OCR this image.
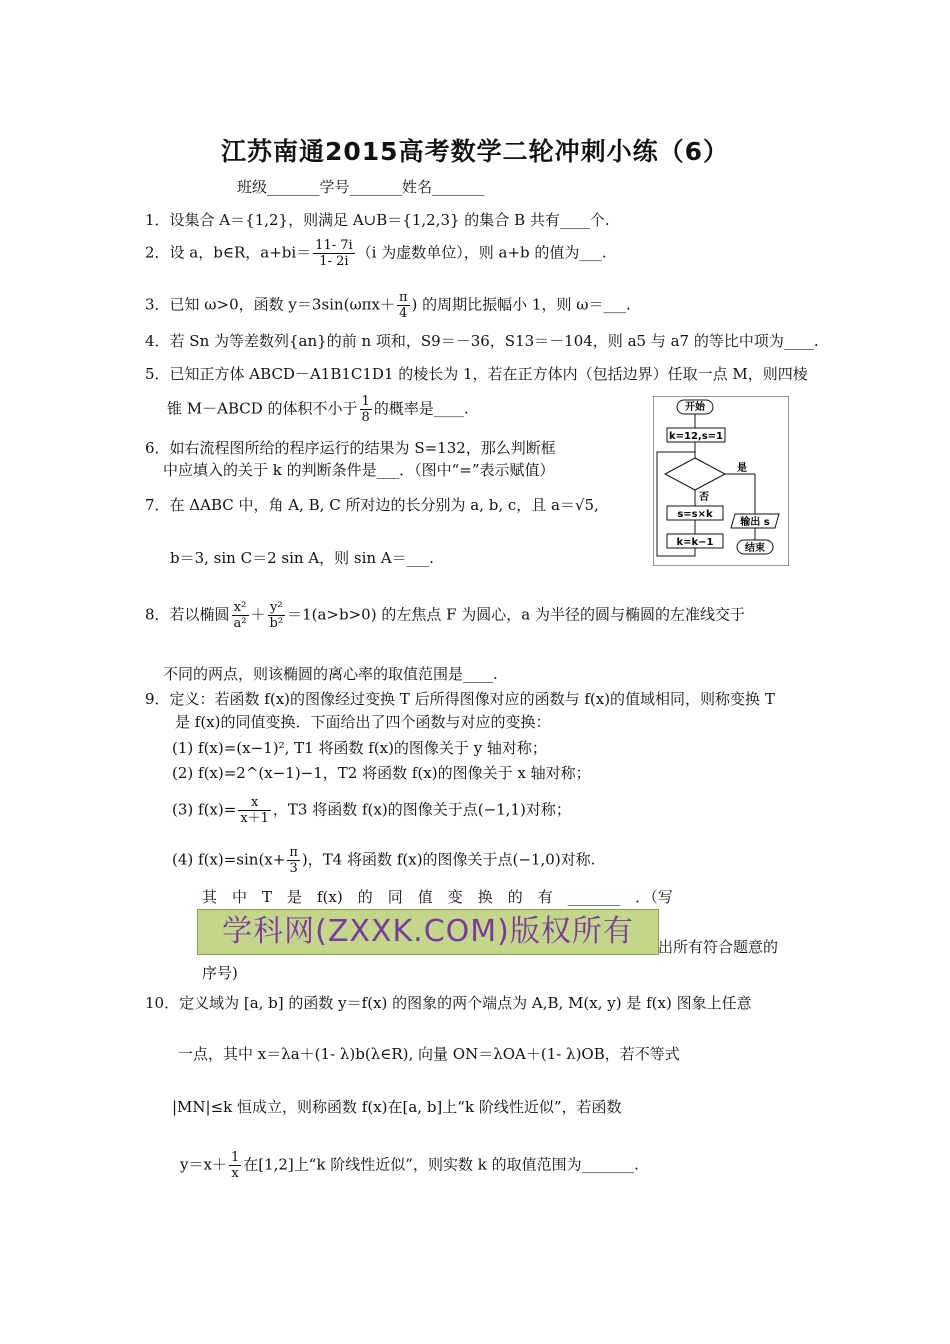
江苏南通2015高考数学二轮冲刺小练（6）
班级_______学号_______姓名_______
1．设集合 A＝{1,2}，则满足 A∪B＝{1,2,3} 的集合 B 共有____个.
2．设 a，b∈R，$a+bi= \frac{11- 7i}{1- 2i} (i$ 为虚数单位），则 a+b 的值为___.
3．已知 ω>0，函数 $y=3\sin(\omega\pi x+ \frac{\pi}{4}$ ) 的周期比振幅小 1，则 ω＝___.
4．若 Sn 为等差数列{an}的前 n 项和，S9＝－36，S13＝－104，则 a5 与 a7 的等比中项为____.
5．已知正方体 ABCD－A1B1C1D1 的棱长为 1，若在正方体内（包括边界）任取一点 M，则四棱
锥 M－ABCD 的体积不小于 $\frac{1}{8}$ 的概率是____.
6．如右流程图所给的程序运行的结果为 S=132，那么判断框
中应填入的关于 k 的判断条件是___．（图中“=”表示赋值）
7．在 ΔABC 中，角 A, B, C 所对边的长分别为 a, b, c，且 a＝√5,
b＝3, sin C＝2 sin A，则 sin A＝___.
8．若以椭圆 $\frac{\text{x²}}{\text{a²}} + \frac{\text{y²}}{\text{b²}} =1(a>b>0)$ 的左焦点 F 为圆心，a 为半径的圆与椭圆的左准线交于
不同的两点，则该椭圆的离心率的取值范围是____.
9．定义：若函数 f(x)的图像经过变换 T 后所得图像对应的函数与 f(x)的值域相同，则称变换 T
是 f(x)的同值变换．下面给出了四个函数与对应的变换：
(1) f(x)=(x−1)², T1 将函数 f(x)的图像关于 y 轴对称；
(2) f(x)=2^(x−1)−1，T2 将函数 f(x)的图像关于 x 轴对称；
(3) $f(x)= \frac{x}{x+1}$ ，T3 将函数 f(x)的图像关于点(−1,1)对称；
(4) $f(x)=\sin(x+ \frac{\pi}{3}$ )，T4 将函数 f(x)的图像关于点(−1,0)对称.
其　中　T　是　f(x)　的　同　值　变　换　的　有　_______　．（写
学科网(ZXXK.COM)版权所有	出所有符合题意的
序号)
10．定义域为 [a, b] 的函数 y＝f(x) 的图象的两个端点为 A,B, M(x, y) 是 f(x) 图象上任意
一点，其中 x＝λa＋(1- λ)b(λ∈R), 向量 ON＝λOA＋(1- λ)OB，若不等式
|MN|≤k 恒成立，则称函数 f(x)在[a, b]上“k 阶线性近似”，若函数
$y=x+ \frac{1}{x}$ 在[1,2]上“k 阶线性近似”，则实数 k 的取值范围为_______.
开始
k=12,s=1
是
否
s=s×k
k=k−1
输出 s
结束
